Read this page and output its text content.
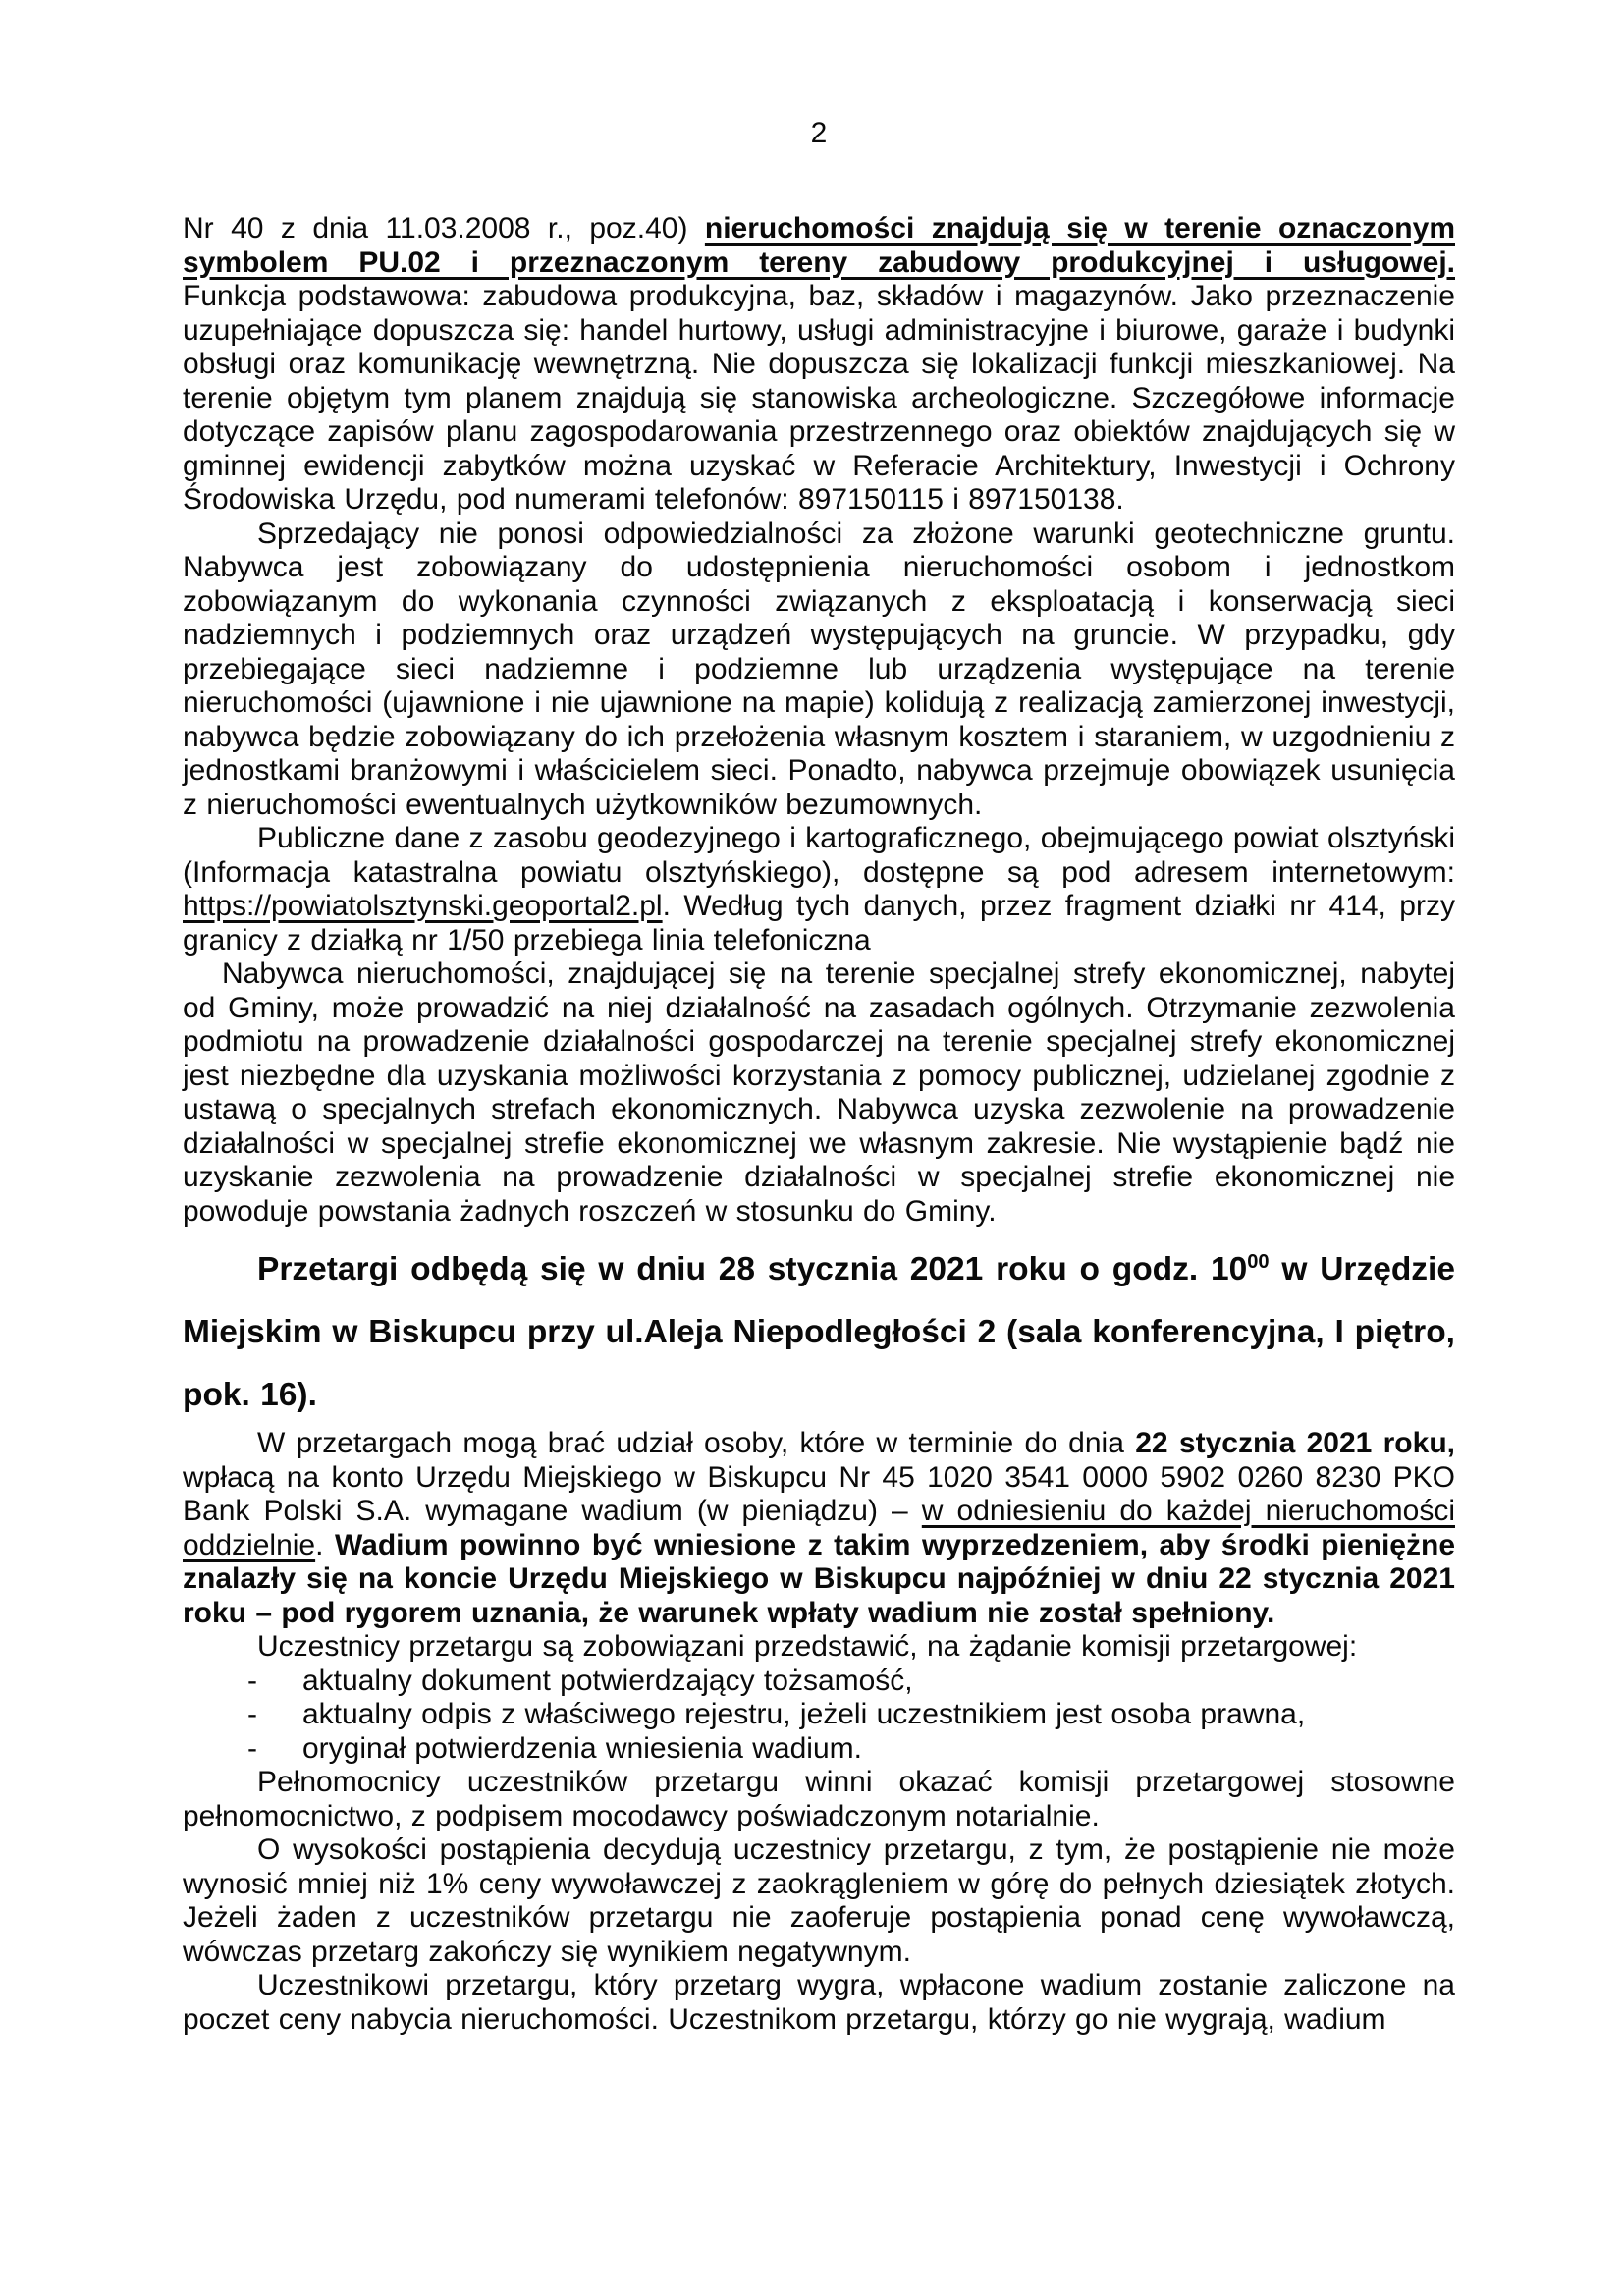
2

Nr 40 z dnia 11.03.2008 r., poz.40) nieruchomości znajdują się w terenie oznaczonym
symbolem PU.02 i przeznaczonym tereny zabudowy produkcyjnej i usługowej.

Funkcja podstawowa: zabudowa produkcyjna, baz, składów i magazynów. Jako przeznaczenie uzupełniające dopuszcza się: handel hurtowy, usługi administracyjne i biurowe, garaże i budynki obsługi oraz komunikację wewnętrzną. Nie dopuszcza się lokalizacji funkcji mieszkaniowej. Na terenie objętym tym planem znajdują się stanowiska archeologiczne. Szczegółowe informacje dotyczące zapisów planu zagospodarowania przestrzennego oraz obiektów znajdujących się w gminnej ewidencji zabytków można uzyskać w Referacie Architektury, Inwestycji i Ochrony Środowiska Urzędu, pod numerami telefonów: 897150115 i 897150138.

Sprzedający nie ponosi odpowiedzialności za złożone warunki geotechniczne gruntu. Nabywca jest zobowiązany do udostępnienia nieruchomości osobom i jednostkom zobowiązanym do wykonania czynności związanych z eksploatacją i konserwacją sieci nadziemnych i podziemnych oraz urządzeń występujących na gruncie. W przypadku, gdy przebiegające sieci nadziemne i podziemne lub urządzenia występujące na terenie nieruchomości (ujawnione i nie ujawnione na mapie) kolidują z realizacją zamierzonej inwestycji, nabywca będzie zobowiązany do ich przełożenia własnym kosztem i staraniem, w uzgodnieniu z jednostkami branżowymi i właścicielem sieci. Ponadto, nabywca przejmuje obowiązek usunięcia z nieruchomości ewentualnych użytkowników bezumownych.

Publiczne dane z zasobu geodezyjnego i kartograficznego, obejmującego powiat olsztyński (Informacja katastralna powiatu olsztyńskiego), dostępne są pod adresem internetowym: https://powiatolsztynski.geoportal2.pl. Według tych danych, przez fragment działki nr 414, przy granicy z działką nr 1/50 przebiega linia telefoniczna

Nabywca nieruchomości, znajdującej się na terenie specjalnej strefy ekonomicznej, nabytej od Gminy, może prowadzić na niej działalność na zasadach ogólnych. Otrzymanie zezwolenia podmiotu na prowadzenie działalności gospodarczej na terenie specjalnej strefy ekonomicznej jest niezbędne dla uzyskania możliwości korzystania z pomocy publicznej, udzielanej zgodnie z ustawą o specjalnych strefach ekonomicznych. Nabywca uzyska zezwolenie na prowadzenie działalności w specjalnej strefie ekonomicznej we własnym zakresie. Nie wystąpienie bądź nie uzyskanie zezwolenia na prowadzenie działalności w specjalnej strefie ekonomicznej nie powoduje powstania żadnych roszczeń w stosunku do Gminy.

Przetargi odbędą się w dniu 28 stycznia 2021 roku o godz. $10^{00}$ w Urzędzie Miejskim w Biskupcu przy ul.Aleja Niepodległości 2 (sala konferencyjna, I piętro, pok. 16).

W przetargach mogą brać udział osoby, które w terminie do dnia 22 stycznia 2021 roku, wpłacą na konto Urzędu Miejskiego w Biskupcu Nr 45 1020 3541 0000 5902 0260 8230 PKO Bank Polski S.A. wymagane wadium (w pieniądzu) – w odniesieniu do każdej nieruchomości oddzielnie. Wadium powinno być wniesione z takim wyprzedzeniem, aby środki pieniężne znalazły się na koncie Urzędu Miejskiego w Biskupcu najpóźniej w dniu 22 stycznia 2021 roku – pod rygorem uznania, że warunek wpłaty wadium nie został spełniony.

Uczestnicy przetargu są zobowiązani przedstawić, na żądanie komisji przetargowej:

- aktualny dokument potwierdzający tożsamość,

- aktualny odpis z właściwego rejestru, jeżeli uczestnikiem jest osoba prawna,

- oryginał potwierdzenia wniesienia wadium.

Pełnomocnicy uczestników przetargu winni okazać komisji przetargowej stosowne pełnomocnictwo, z podpisem mocodawcy poświadczonym notarialnie.

O wysokości postąpienia decydują uczestnicy przetargu, z tym, że postąpienie nie może wynosić mniej niż 1% ceny wywoławczej z zaokrągleniem w górę do pełnych dziesiątek złotych. Jeżeli żaden z uczestników przetargu nie zaoferuje postąpienia ponad cenę wywoławczą, wówczas przetarg zakończy się wynikiem negatywnym.

Uczestnikowi przetargu, który przetarg wygra, wpłacone wadium zostanie zaliczone na poczet ceny nabycia nieruchomości. Uczestnikom przetargu, którzy go nie wygrają, wadium
